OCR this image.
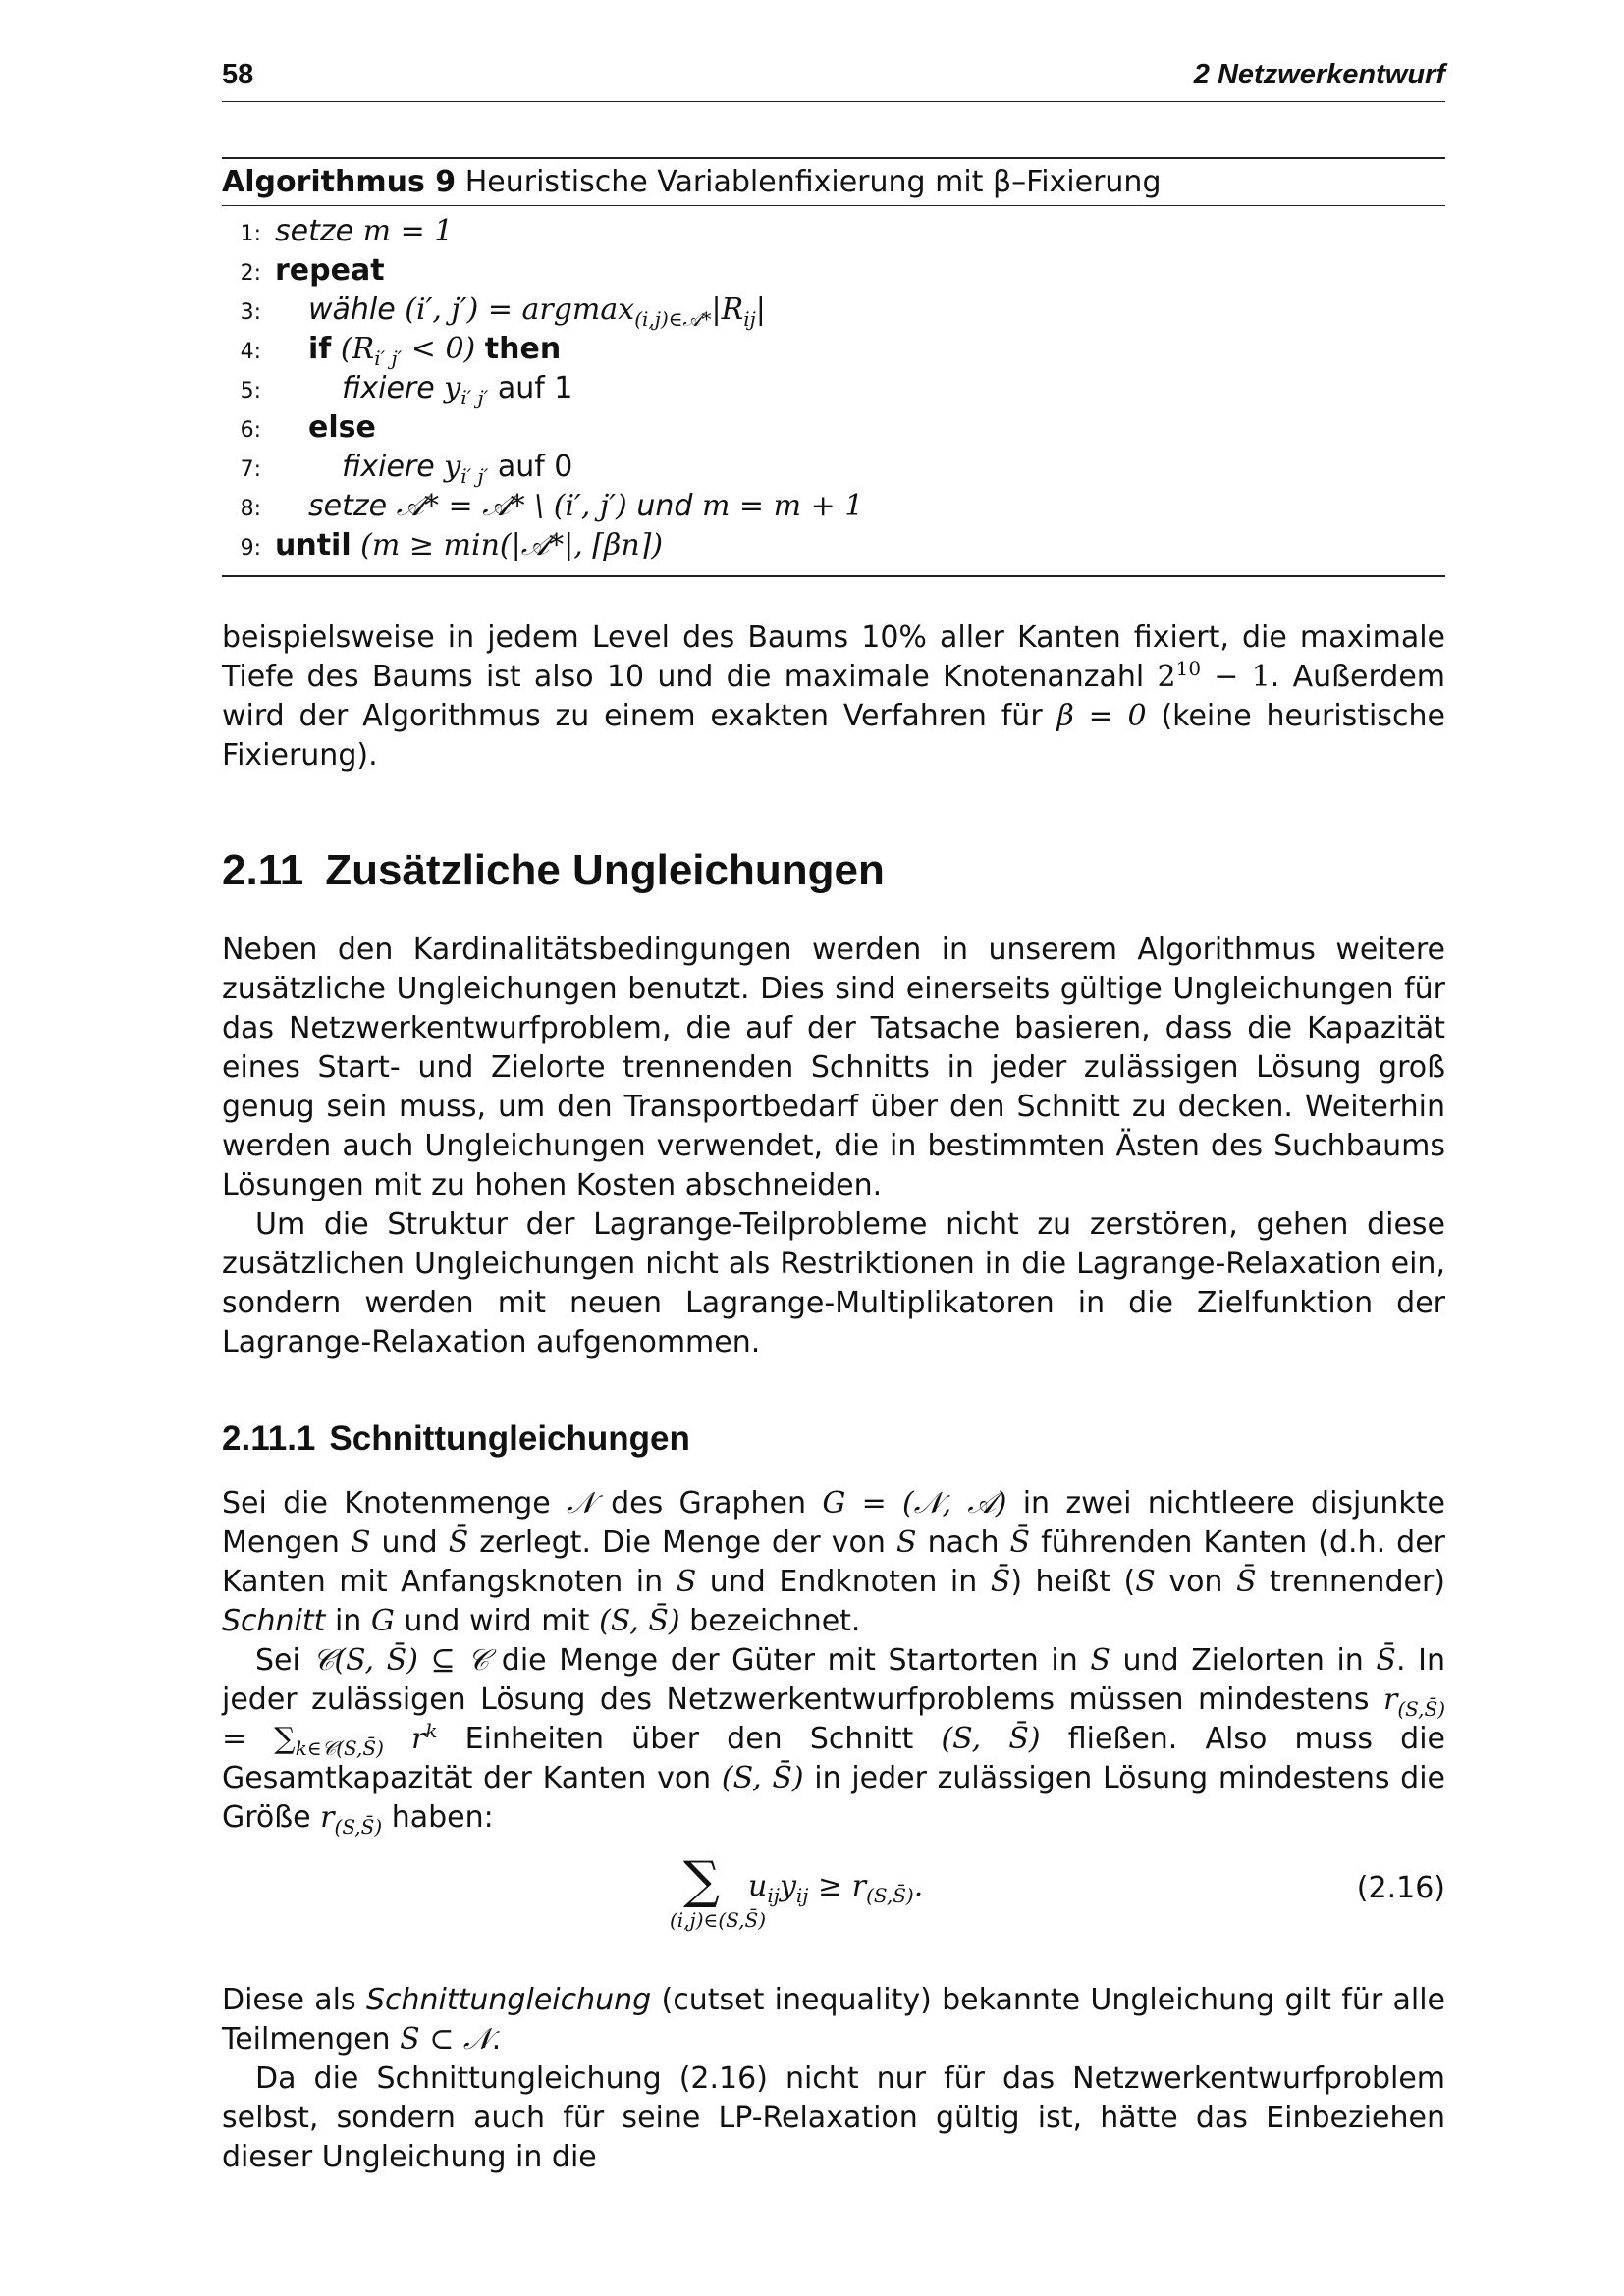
58	2 Netzwerkentwurf
Algorithmus 9 Heuristische Variablenfixierung mit β–Fixierung
1: setze m = 1
2: repeat
3: wähle (i′, $j') = argmax_{(i,j)\in 𝒜*}|R_{ij}|$
4: if $(R_{i' j'} < 0)$ then
5:	fixiere $y_{i' j'}$ auf 1
6: else
7:	fixiere $y_{i' j'}$ auf 0
8: setze 𝒜* = 𝒜* \ (i′, j′) und m = m + 1
9: until (m ≥ min(|𝒜*|, ⌈βn⌉)

beispielsweise in jedem Level des Baums 10% aller Kanten fixiert, die maximale Tiefe des Baums ist also 10 und die maximale Knotenanzahl $2^{10} - 1$. Außerdem wird der Algorithmus zu einem exakten Verfahren für β = 0 (keine heuristische Fixierung).

2.11 Zusätzliche Ungleichungen

Neben den Kardinalitätsbedingungen werden in unserem Algorithmus weitere zusätzliche Ungleichungen benutzt. Dies sind einerseits gültige Ungleichungen für das Netzwerkentwurfproblem, die auf der Tatsache basieren, dass die Kapazität eines Start- und Zielorte trennenden Schnitts in jeder zulässigen Lösung groß genug sein muss, um den Transportbedarf über den Schnitt zu decken. Weiterhin werden auch Ungleichungen verwendet, die in bestimmten Ästen des Suchbaums Lösungen mit zu hohen Kosten abschneiden.

Um die Struktur der Lagrange-Teilprobleme nicht zu zerstören, gehen diese zusätzlichen Ungleichungen nicht als Restriktionen in die Lagrange-Relaxation ein, sondern werden mit neuen Lagrange-Multiplikatoren in die Zielfunktion der Lagrange-Relaxation aufgenommen.

2.11.1 Schnittungleichungen

Sei die Knotenmenge 𝒩 des Graphen G = (𝒩, 𝒜) in zwei nichtleere disjunkte Mengen S und S̄ zerlegt. Die Menge der von S nach S̄ führenden Kanten (d.h. der Kanten mit Anfangsknoten in S und Endknoten in S̄) heißt (S von S̄ trennender) Schnitt in G und wird mit (S, S̄) bezeichnet.

Sei 𝒞(S, S̄) ⊆ 𝒞 die Menge der Güter mit Startorten in S und Zielorten in S̄. In jeder zulässigen Lösung des Netzwerkentwurfproblems müssen mindestens $r_{(S,S̄)} = \sum_{k\in 𝒞(S,S̄)}$ $r^k$ Einheiten über den Schnitt (S, S̄) fließen. Also muss die Gesamtkapazität der Kanten von (S, S̄) in jeder zulässigen Lösung mindestens die Größe $r_{(S,S̄)}$ haben:

∑
(i,j)∈(S,S̄)
$u_{ij}y_{ij} \ge r_{(S,S̄)}$.	(2.16)

Diese als Schnittungleichung (cutset inequality) bekannte Ungleichung gilt für alle Teilmengen S ⊂ 𝒩.

Da die Schnittungleichung (2.16) nicht nur für das Netzwerkentwurfproblem selbst, sondern auch für seine LP-Relaxation gültig ist, hätte das Einbeziehen dieser Ungleichung in die
